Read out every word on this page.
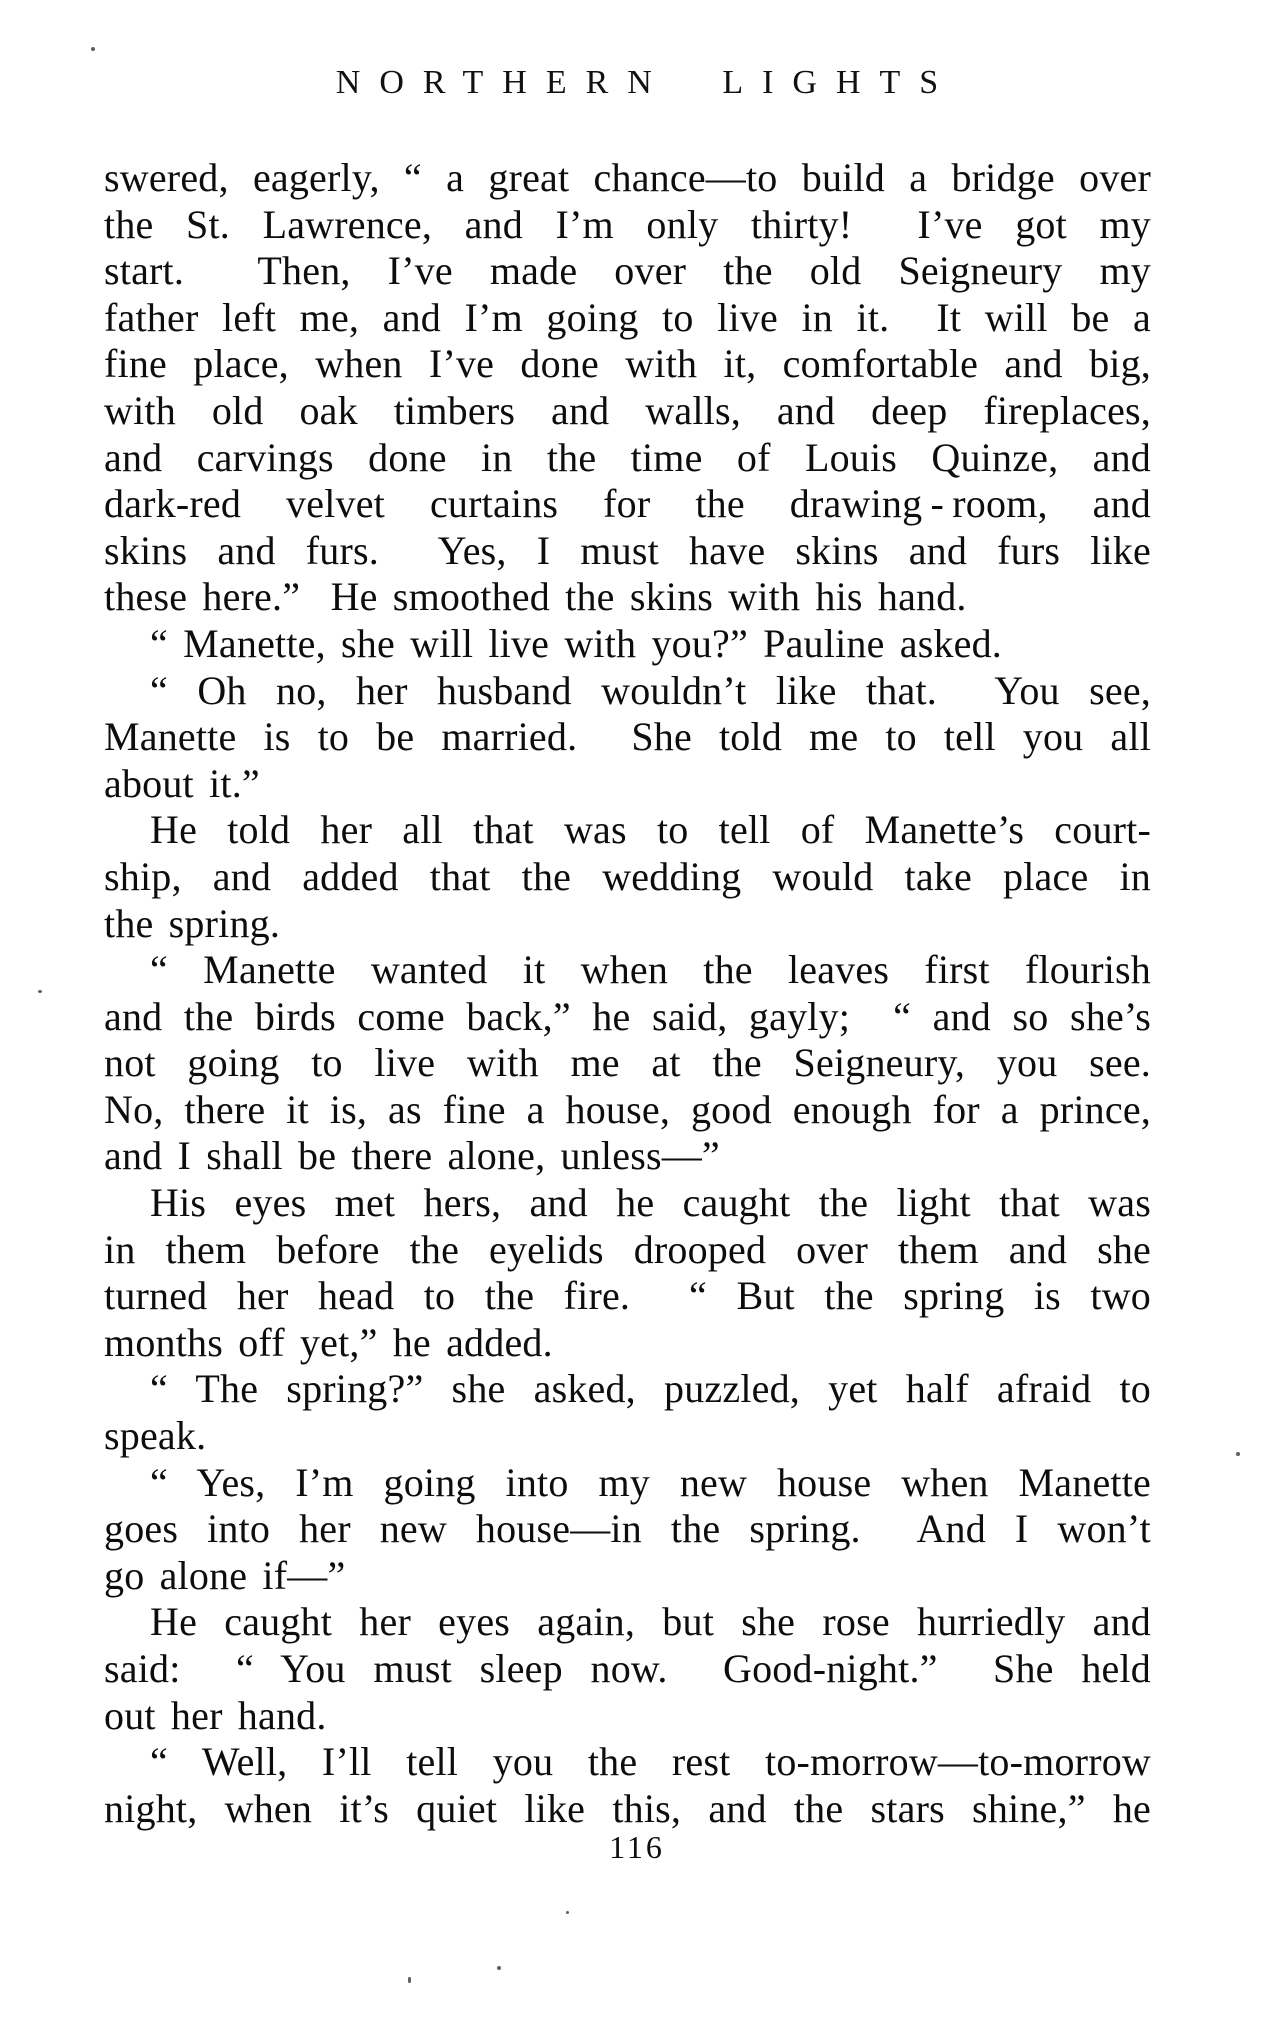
NORTHERN LIGHTS
swered, eagerly, “ a great chance—to build a bridge over
the St. Lawrence, and I’m only thirty!  I’ve got my
start.  Then, I’ve made over the old Seigneury my
father left me, and I’m going to live in it.  It will be a
fine place, when I’ve done with it, comfortable and big,
with old oak timbers and walls, and deep fireplaces,
and carvings done in the time of Louis Quinze, and
dark-red velvet curtains for the drawing - room, and
skins and furs.  Yes, I must have skins and furs like
these here.”  He smoothed the skins with his hand.
“ Manette, she will live with you?” Pauline asked.
“ Oh no, her husband wouldn’t like that.  You see,
Manette is to be married.  She told me to tell you all
about it.”
He told her all that was to tell of Manette’s court-
ship, and added that the wedding would take place in
the spring.
“ Manette wanted it when the leaves first flourish
and the birds come back,” he said, gayly;  “ and so she’s
not going to live with me at the Seigneury, you see.
No, there it is, as fine a house, good enough for a prince,
and I shall be there alone, unless—”
His eyes met hers, and he caught the light that was
in them before the eyelids drooped over them and she
turned her head to the fire.  “ But the spring is two
months off yet,” he added.
“ The spring?” she asked, puzzled, yet half afraid to
speak.
“ Yes, I’m going into my new house when Manette
goes into her new house—in the spring.  And I won’t
go alone if—”
He caught her eyes again, but she rose hurriedly and
said:  “ You must sleep now.  Good-night.”  She held
out her hand.
“ Well, I’ll tell you the rest to-morrow—to-morrow
night, when it’s quiet like this, and the stars shine,” he
116
